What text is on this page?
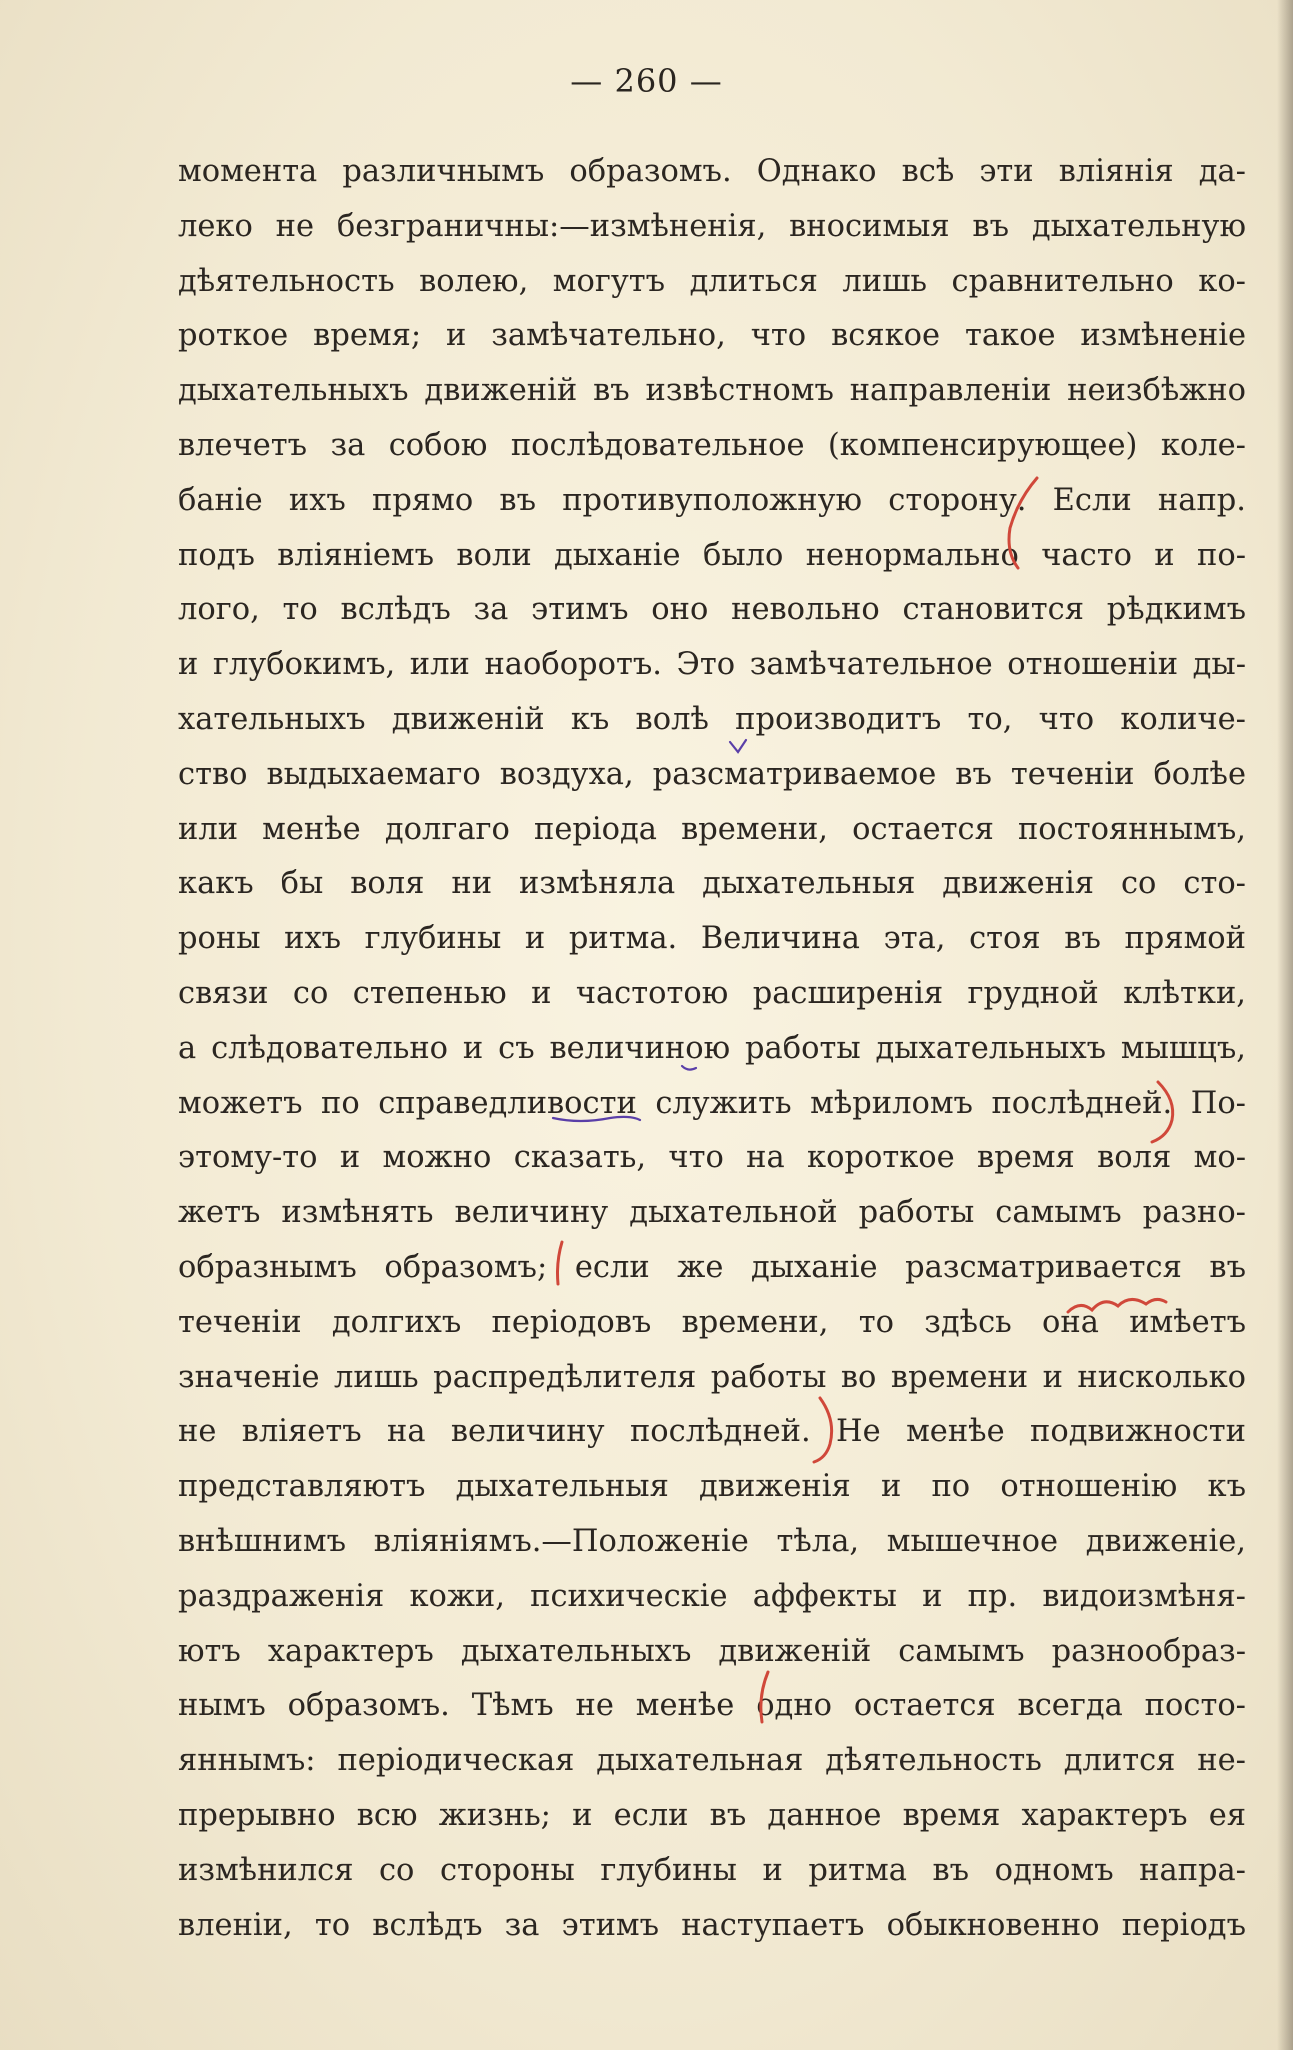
— 260 —
момента различнымъ образомъ. Однако всѣ эти вліянія да-
леко не безграничны:—измѣненія, вносимыя въ дыхательную
дѣятельность волею, могутъ длиться лишь сравнительно ко-
роткое время; и замѣчательно, что всякое такое измѣненіе
дыхательныхъ движеній въ извѣстномъ направленіи неизбѣжно
влечетъ за собою послѣдовательное (компенсирующее) коле-
баніе ихъ прямо въ противуположную сторону. Если напр.
подъ вліяніемъ воли дыханіе было ненормально часто и по-
лого, то вслѣдъ за этимъ оно невольно становится рѣдкимъ
и глубокимъ, или наоборотъ. Это замѣчательное отношеніи ды-
хательныхъ движеній къ волѣ производитъ то, что количе-
ство выдыхаемаго воздуха, разсматриваемое въ теченіи болѣе
или менѣе долгаго періода времени, остается постояннымъ,
какъ бы воля ни измѣняла дыхательныя движенія со сто-
роны ихъ глубины и ритма. Величина эта, стоя въ прямой
связи со степенью и частотою расширенія грудной клѣтки,
а слѣдовательно и съ величиною работы дыхательныхъ мышцъ,
можетъ по справедливости служить мѣриломъ послѣдней. По-
этому-то и можно сказать, что на короткое время воля мо-
жетъ измѣнять величину дыхательной работы самымъ разно-
образнымъ образомъ; если же дыханіе разсматривается въ
теченіи долгихъ періодовъ времени, то здѣсь она имѣетъ
значеніе лишь распредѣлителя работы во времени и нисколько
не вліяетъ на величину послѣдней. Не менѣе подвижности
представляютъ дыхательныя движенія и по отношенію къ
внѣшнимъ вліяніямъ.—Положеніе тѣла, мышечное движеніе,
раздраженія кожи, психическіе аффекты и пр. видоизмѣня-
ютъ характеръ дыхательныхъ движеній самымъ разнообраз-
нымъ образомъ. Тѣмъ не менѣе одно остается всегда посто-
яннымъ: періодическая дыхательная дѣятельность длится не-
прерывно всю жизнь; и если въ данное время характеръ ея
измѣнился со стороны глубины и ритма въ одномъ напра-
вленіи, то вслѣдъ за этимъ наступаетъ обыкновенно періодъ
